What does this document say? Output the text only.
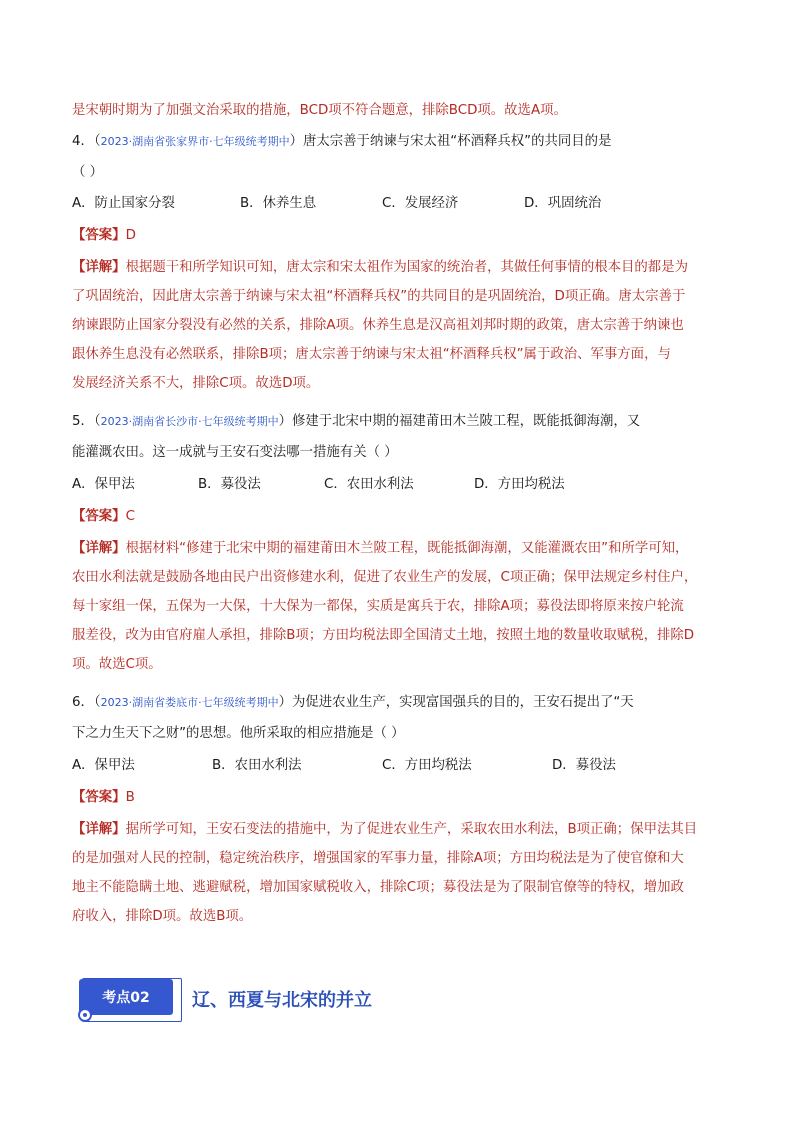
是宋朝时期为了加强文治采取的措施，BCD项不符合题意，排除BCD项。故选A项。
4．（2023·湖南省张家界市·七年级统考期中）唐太宗善于纳谏与宋太祖“杯酒释兵权”的共同目的是
（ ）
A．防止国家分裂	B．休养生息	C．发展经济	D．巩固统治
【答案】D
【详解】根据题干和所学知识可知，唐太宗和宋太祖作为国家的统治者，其做任何事情的根本目的都是为
了巩固统治，因此唐太宗善于纳谏与宋太祖“杯酒释兵权”的共同目的是巩固统治，D项正确。唐太宗善于
纳谏跟防止国家分裂没有必然的关系，排除A项。休养生息是汉高祖刘邦时期的政策，唐太宗善于纳谏也
跟休养生息没有必然联系，排除B项；唐太宗善于纳谏与宋太祖“杯酒释兵权”属于政治、军事方面，与
发展经济关系不大，排除C项。故选D项。
5．（2023·湖南省长沙市·七年级统考期中）修建于北宋中期的福建莆田木兰陂工程，既能抵御海潮，又
能灌溉农田。这一成就与王安石变法哪一措施有关（ ）
A．保甲法	B．募役法	C．农田水利法	D．方田均税法
【答案】C
【详解】根据材料“修建于北宋中期的福建莆田木兰陂工程，既能抵御海潮，又能灌溉农田”和所学可知，
农田水利法就是鼓励各地由民户出资修建水利，促进了农业生产的发展，C项正确；保甲法规定乡村住户，
每十家组一保，五保为一大保，十大保为一都保，实质是寓兵于农，排除A项；募役法即将原来按户轮流
服差役，改为由官府雇人承担，排除B项；方田均税法即全国清丈土地，按照土地的数量收取赋税，排除D
项。故选C项。
6．（2023·湖南省娄底市·七年级统考期中）为促进农业生产，实现富国强兵的目的，王安石提出了“天
下之力生天下之财”的思想。他所采取的相应措施是（ ）
A．保甲法	B．农田水利法	C．方田均税法	D．募役法
【答案】B
【详解】据所学可知，王安石变法的措施中，为了促进农业生产，采取农田水利法，B项正确；保甲法其目
的是加强对人民的控制，稳定统治秩序，增强国家的军事力量，排除A项；方田均税法是为了使官僚和大
地主不能隐瞒土地、逃避赋税，增加国家赋税收入，排除C项；募役法是为了限制官僚等的特权，增加政
府收入，排除D项。故选B项。
考点02	辽、西夏与北宋的并立
